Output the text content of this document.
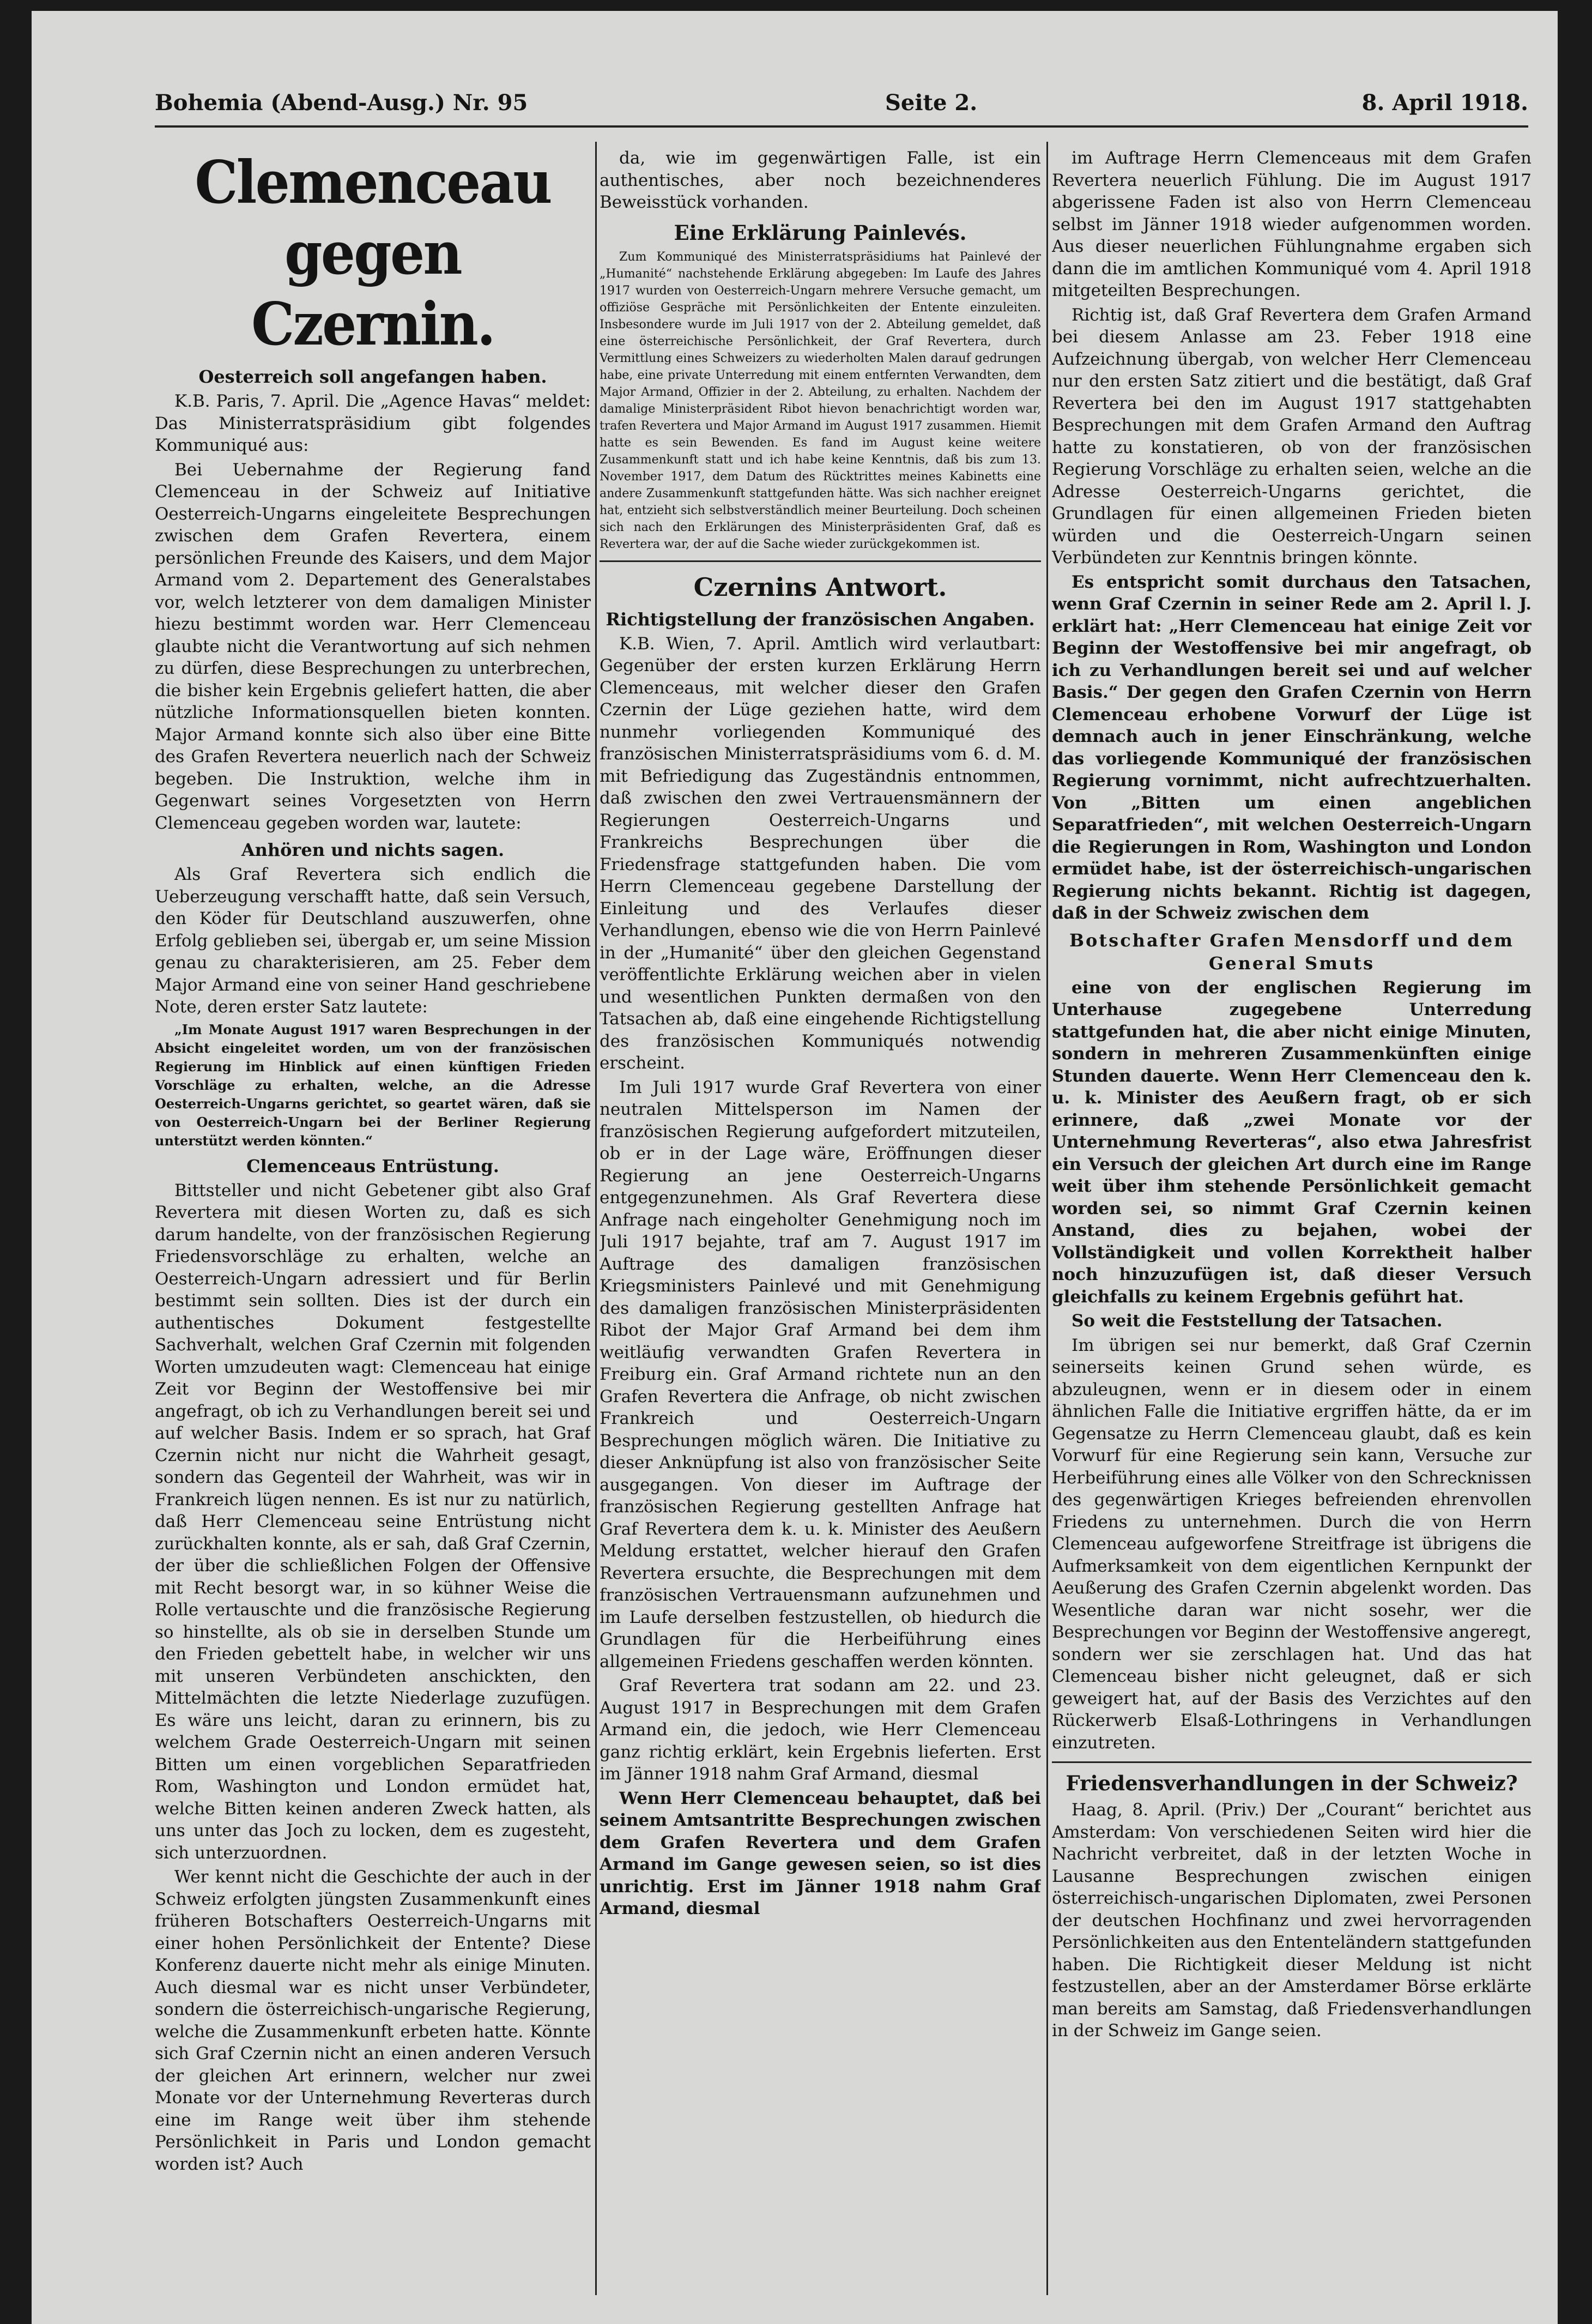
Bohemia (Abend-Ausg.) Nr. 95	Seite 2.	8. April 1918.
Clemenceau gegen Czernin.
Oesterreich soll angefangen haben.

K.B. Paris, 7. April. Die „Agence Havas“ meldet: Das Ministerratspräsidium gibt folgendes Kommuniqué aus:

Bei Uebernahme der Regierung fand Clemenceau in der Schweiz auf Initiative Oesterreich-Ungarns eingeleitete Besprechungen zwischen dem Grafen Revertera, einem persönlichen Freunde des Kaisers, und dem Major Armand vom 2. Departement des Generalstabes vor, welch letzterer von dem damaligen Minister hiezu bestimmt worden war. Herr Clemenceau glaubte nicht die Verantwortung auf sich nehmen zu dürfen, diese Besprechungen zu unterbrechen, die bisher kein Ergebnis geliefert hatten, die aber nützliche Informationsquellen bieten konnten. Major Armand konnte sich also über eine Bitte des Grafen Revertera neuerlich nach der Schweiz begeben. Die Instruktion, welche ihm in Gegenwart seines Vorgesetzten von Herrn Clemenceau gegeben worden war, lautete:

Anhören und nichts sagen.

Als Graf Revertera sich endlich die Ueberzeugung verschafft hatte, daß sein Versuch, den Köder für Deutschland auszuwerfen, ohne Erfolg geblieben sei, übergab er, um seine Mission genau zu charakterisieren, am 25. Feber dem Major Armand eine von seiner Hand geschriebene Note, deren erster Satz lautete:

„Im Monate August 1917 waren Besprechungen in der Absicht eingeleitet worden, um von der französischen Regierung im Hinblick auf einen künftigen Frieden Vorschläge zu erhalten, welche, an die Adresse Oesterreich-Ungarns gerichtet, so geartet wären, daß sie von Oesterreich-Ungarn bei der Berliner Regierung unterstützt werden könnten.“

Clemenceaus Entrüstung.

Bittsteller und nicht Gebetener gibt also Graf Revertera mit diesen Worten zu, daß es sich darum handelte, von der französischen Regierung Friedensvorschläge zu erhalten, welche an Oesterreich-Ungarn adressiert und für Berlin bestimmt sein sollten. Dies ist der durch ein authentisches Dokument festgestellte Sachverhalt, welchen Graf Czernin mit folgenden Worten umzudeuten wagt: Clemenceau hat einige Zeit vor Beginn der Westoffensive bei mir angefragt, ob ich zu Verhandlungen bereit sei und auf welcher Basis. Indem er so sprach, hat Graf Czernin nicht nur nicht die Wahrheit gesagt, sondern das Gegenteil der Wahrheit, was wir in Frankreich lügen nennen. Es ist nur zu natürlich, daß Herr Clemenceau seine Entrüstung nicht zurückhalten konnte, als er sah, daß Graf Czernin, der über die schließlichen Folgen der Offensive mit Recht besorgt war, in so kühner Weise die Rolle vertauschte und die französische Regierung so hinstellte, als ob sie in derselben Stunde um den Frieden gebettelt habe, in welcher wir uns mit unseren Verbündeten anschickten, den Mittelmächten die letzte Niederlage zuzufügen. Es wäre uns leicht, daran zu erinnern, bis zu welchem Grade Oesterreich-Ungarn mit seinen Bitten um einen vorgeblichen Separatfrieden Rom, Washington und London ermüdet hat, welche Bitten keinen anderen Zweck hatten, als uns unter das Joch zu locken, dem es zugesteht, sich unterzuordnen.

Wer kennt nicht die Geschichte der auch in der Schweiz erfolgten jüngsten Zusammenkunft eines früheren Botschafters Oesterreich-Ungarns mit einer hohen Persönlichkeit der Entente? Diese Konferenz dauerte nicht mehr als einige Minuten. Auch diesmal war es nicht unser Verbündeter, sondern die österreichisch-ungarische Regierung, welche die Zusammenkunft erbeten hatte. Könnte sich Graf Czernin nicht an einen anderen Versuch der gleichen Art erinnern, welcher nur zwei Monate vor der Unternehmung Reverteras durch eine im Range weit über ihm stehende Persönlichkeit in Paris und London gemacht worden ist? Auch

da, wie im gegenwärtigen Falle, ist ein authentisches, aber noch bezeichnenderes Beweisstück vorhanden.

Eine Erklärung Painlevés.

Zum Kommuniqué des Ministerratspräsidiums hat Painlevé der „Humanité“ nachstehende Erklärung abgegeben: Im Laufe des Jahres 1917 wurden von Oesterreich-Ungarn mehrere Versuche gemacht, um offiziöse Gespräche mit Persönlichkeiten der Entente einzuleiten. Insbesondere wurde im Juli 1917 von der 2. Abteilung gemeldet, daß eine österreichische Persönlichkeit, der Graf Revertera, durch Vermittlung eines Schweizers zu wiederholten Malen darauf gedrungen habe, eine private Unterredung mit einem entfernten Verwandten, dem Major Armand, Offizier in der 2. Abteilung, zu erhalten. Nachdem der damalige Ministerpräsident Ribot hievon benachrichtigt worden war, trafen Revertera und Major Armand im August 1917 zusammen. Hiemit hatte es sein Bewenden. Es fand im August keine weitere Zusammenkunft statt und ich habe keine Kenntnis, daß bis zum 13. November 1917, dem Datum des Rücktrittes meines Kabinetts eine andere Zusammenkunft stattgefunden hätte. Was sich nachher ereignet hat, entzieht sich selbstverständlich meiner Beurteilung. Doch scheinen sich nach den Erklärungen des Ministerpräsidenten Graf, daß es Revertera war, der auf die Sache wieder zurückgekommen ist.

Czernins Antwort.
Richtigstellung der französischen Angaben.

K.B. Wien, 7. April. Amtlich wird verlautbart: Gegenüber der ersten kurzen Erklärung Herrn Clemenceaus, mit welcher dieser den Grafen Czernin der Lüge geziehen hatte, wird dem nunmehr vorliegenden Kommuniqué des französischen Ministerratspräsidiums vom 6. d. M. mit Befriedigung das Zugeständnis entnommen, daß zwischen den zwei Vertrauensmännern der Regierungen Oesterreich-Ungarns und Frankreichs Besprechungen über die Friedensfrage stattgefunden haben. Die vom Herrn Clemenceau gegebene Darstellung der Einleitung und des Verlaufes dieser Verhandlungen, ebenso wie die von Herrn Painlevé in der „Humanité“ über den gleichen Gegenstand veröffentlichte Erklärung weichen aber in vielen und wesentlichen Punkten dermaßen von den Tatsachen ab, daß eine eingehende Richtigstellung des französischen Kommuniqués notwendig erscheint.

Im Juli 1917 wurde Graf Revertera von einer neutralen Mittelsperson im Namen der französischen Regierung aufgefordert mitzuteilen, ob er in der Lage wäre, Eröffnungen dieser Regierung an jene Oesterreich-Ungarns entgegenzunehmen. Als Graf Revertera diese Anfrage nach eingeholter Genehmigung noch im Juli 1917 bejahte, traf am 7. August 1917 im Auftrage des damaligen französischen Kriegsministers Painlevé und mit Genehmigung des damaligen französischen Ministerpräsidenten Ribot der Major Graf Armand bei dem ihm weitläufig verwandten Grafen Revertera in Freiburg ein. Graf Armand richtete nun an den Grafen Revertera die Anfrage, ob nicht zwischen Frankreich und Oesterreich-Ungarn Besprechungen möglich wären. Die Initiative zu dieser Anknüpfung ist also von französischer Seite ausgegangen. Von dieser im Auftrage der französischen Regierung gestellten Anfrage hat Graf Revertera dem k. u. k. Minister des Aeußern Meldung erstattet, welcher hierauf den Grafen Revertera ersuchte, die Besprechungen mit dem französischen Vertrauensmann aufzunehmen und im Laufe derselben festzustellen, ob hiedurch die Grundlagen für die Herbeiführung eines allgemeinen Friedens geschaffen werden könnten.

Graf Revertera trat sodann am 22. und 23. August 1917 in Besprechungen mit dem Grafen Armand ein, die jedoch, wie Herr Clemenceau ganz richtig erklärt, kein Ergebnis lieferten. Erst im Jänner 1918 nahm Graf Armand, diesmal

Wenn Herr Clemenceau behauptet, daß bei seinem Amtsantritte Besprechungen zwischen dem Grafen Revertera und dem Grafen Armand im Gange gewesen seien, so ist dies unrichtig. Erst im Jänner 1918 nahm Graf Armand, diesmal

im Auftrage Herrn Clemenceaus mit dem Grafen Revertera neuerlich Fühlung. Die im August 1917 abgerissene Faden ist also von Herrn Clemenceau selbst im Jänner 1918 wieder aufgenommen worden. Aus dieser neuerlichen Fühlungnahme ergaben sich dann die im amtlichen Kommuniqué vom 4. April 1918 mitgeteilten Besprechungen.

Richtig ist, daß Graf Revertera dem Grafen Armand bei diesem Anlasse am 23. Feber 1918 eine Aufzeichnung übergab, von welcher Herr Clemenceau nur den ersten Satz zitiert und die bestätigt, daß Graf Revertera bei den im August 1917 stattgehabten Besprechungen mit dem Grafen Armand den Auftrag hatte zu konstatieren, ob von der französischen Regierung Vorschläge zu erhalten seien, welche an die Adresse Oesterreich-Ungarns gerichtet, die Grundlagen für einen allgemeinen Frieden bieten würden und die Oesterreich-Ungarn seinen Verbündeten zur Kenntnis bringen könnte.

Es entspricht somit durchaus den Tatsachen, wenn Graf Czernin in seiner Rede am 2. April l. J. erklärt hat: „Herr Clemenceau hat einige Zeit vor Beginn der Westoffensive bei mir angefragt, ob ich zu Verhandlungen bereit sei und auf welcher Basis.“ Der gegen den Grafen Czernin von Herrn Clemenceau erhobene Vorwurf der Lüge ist demnach auch in jener Einschränkung, welche das vorliegende Kommuniqué der französischen Regierung vornimmt, nicht aufrechtzuerhalten. Von „Bitten um einen angeblichen Separatfrieden“, mit welchen Oesterreich-Ungarn die Regierungen in Rom, Washington und London ermüdet habe, ist der österreichisch-ungarischen Regierung nichts bekannt. Richtig ist dagegen, daß in der Schweiz zwischen dem

Botschafter Grafen Mensdorff und dem General Smuts

eine von der englischen Regierung im Unterhause zugegebene Unterredung stattgefunden hat, die aber nicht einige Minuten, sondern in mehreren Zusammenkünften einige Stunden dauerte. Wenn Herr Clemenceau den k. u. k. Minister des Aeußern fragt, ob er sich erinnere, daß „zwei Monate vor der Unternehmung Reverteras“, also etwa Jahresfrist ein Versuch der gleichen Art durch eine im Range weit über ihm stehende Persönlichkeit gemacht worden sei, so nimmt Graf Czernin keinen Anstand, dies zu bejahen, wobei der Vollständigkeit und vollen Korrektheit halber noch hinzuzufügen ist, daß dieser Versuch gleichfalls zu keinem Ergebnis geführt hat.

So weit die Feststellung der Tatsachen.

Im übrigen sei nur bemerkt, daß Graf Czernin seinerseits keinen Grund sehen würde, es abzuleugnen, wenn er in diesem oder in einem ähnlichen Falle die Initiative ergriffen hätte, da er im Gegensatze zu Herrn Clemenceau glaubt, daß es kein Vorwurf für eine Regierung sein kann, Versuche zur Herbeiführung eines alle Völker von den Schrecknissen des gegenwärtigen Krieges befreienden ehrenvollen Friedens zu unternehmen. Durch die von Herrn Clemenceau aufgeworfene Streitfrage ist übrigens die Aufmerksamkeit von dem eigentlichen Kernpunkt der Aeußerung des Grafen Czernin abgelenkt worden. Das Wesentliche daran war nicht sosehr, wer die Besprechungen vor Beginn der Westoffensive angeregt, sondern wer sie zerschlagen hat. Und das hat Clemenceau bisher nicht geleugnet, daß er sich geweigert hat, auf der Basis des Verzichtes auf den Rückerwerb Elsaß-Lothringens in Verhandlungen einzutreten.

Friedensverhandlungen in der Schweiz?

Haag, 8. April. (Priv.) Der „Courant“ berichtet aus Amsterdam: Von verschiedenen Seiten wird hier die Nachricht verbreitet, daß in der letzten Woche in Lausanne Besprechungen zwischen einigen österreichisch-ungarischen Diplomaten, zwei Personen der deutschen Hochfinanz und zwei hervorragenden Persönlichkeiten aus den Ententeländern stattgefunden haben. Die Richtigkeit dieser Meldung ist nicht festzustellen, aber an der Amsterdamer Börse erklärte man bereits am Samstag, daß Friedensverhandlungen in der Schweiz im Gange seien.
